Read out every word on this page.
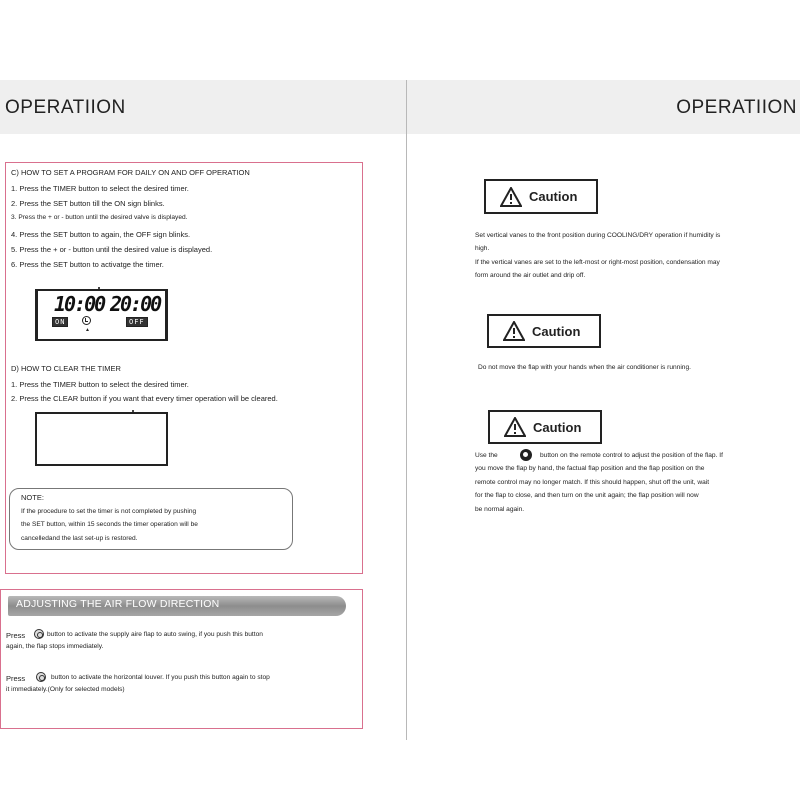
OPERATIION	OPERATIION
C) HOW TO SET A PROGRAM FOR DAILY ON AND OFF OPERATION
1. Press the TIMER button to select the desired timer.
2. Press the SET button till the ON sign blinks.
3. Press the + or - button until the desired valve is displayed.
4. Press the SET button to again, the OFF sign blinks.
5. Press the + or - button until the desired value is displayed.
6. Press the SET button to activatge the timer.
10:00 20:00
ON
▲
OFF
D) HOW TO CLEAR THE TIMER
1. Press the TIMER button to select the desired timer.
2. Press the CLEAR button if you want that every timer operation will be cleared.
NOTE:
If the procedure to set the timer is not completed by pushing
the SET button, within 15 seconds the timer operation will be
cancelledand the last set-up is restored.
ADJUSTING THE AIR FLOW DIRECTION
Press	button to activate the supply aire flap to auto swing, if you push this button
again, the flap stops immediately.
Press	button to activate the horizontal louver. If you push this button again to stop
it immediately.(Only for selected models)
Caution
Set vertical vanes to the front position during COOLING/DRY operation if humidity is
high.
If the vertical vanes are set to the left-most or right-most position, condensation may
form around the air outlet and drip off.
Caution
Do not move the flap with your hands when the air conditioner is running.
Caution
Use the	button on the remote control to adjust the position of the flap. If
you move the flap by hand, the factual flap position and the flap position on the
remote control may no longer match. If this should happen, shut off the unit, wait
for the flap to close, and then turn on the unit again; the flap position will now
be normal again.
